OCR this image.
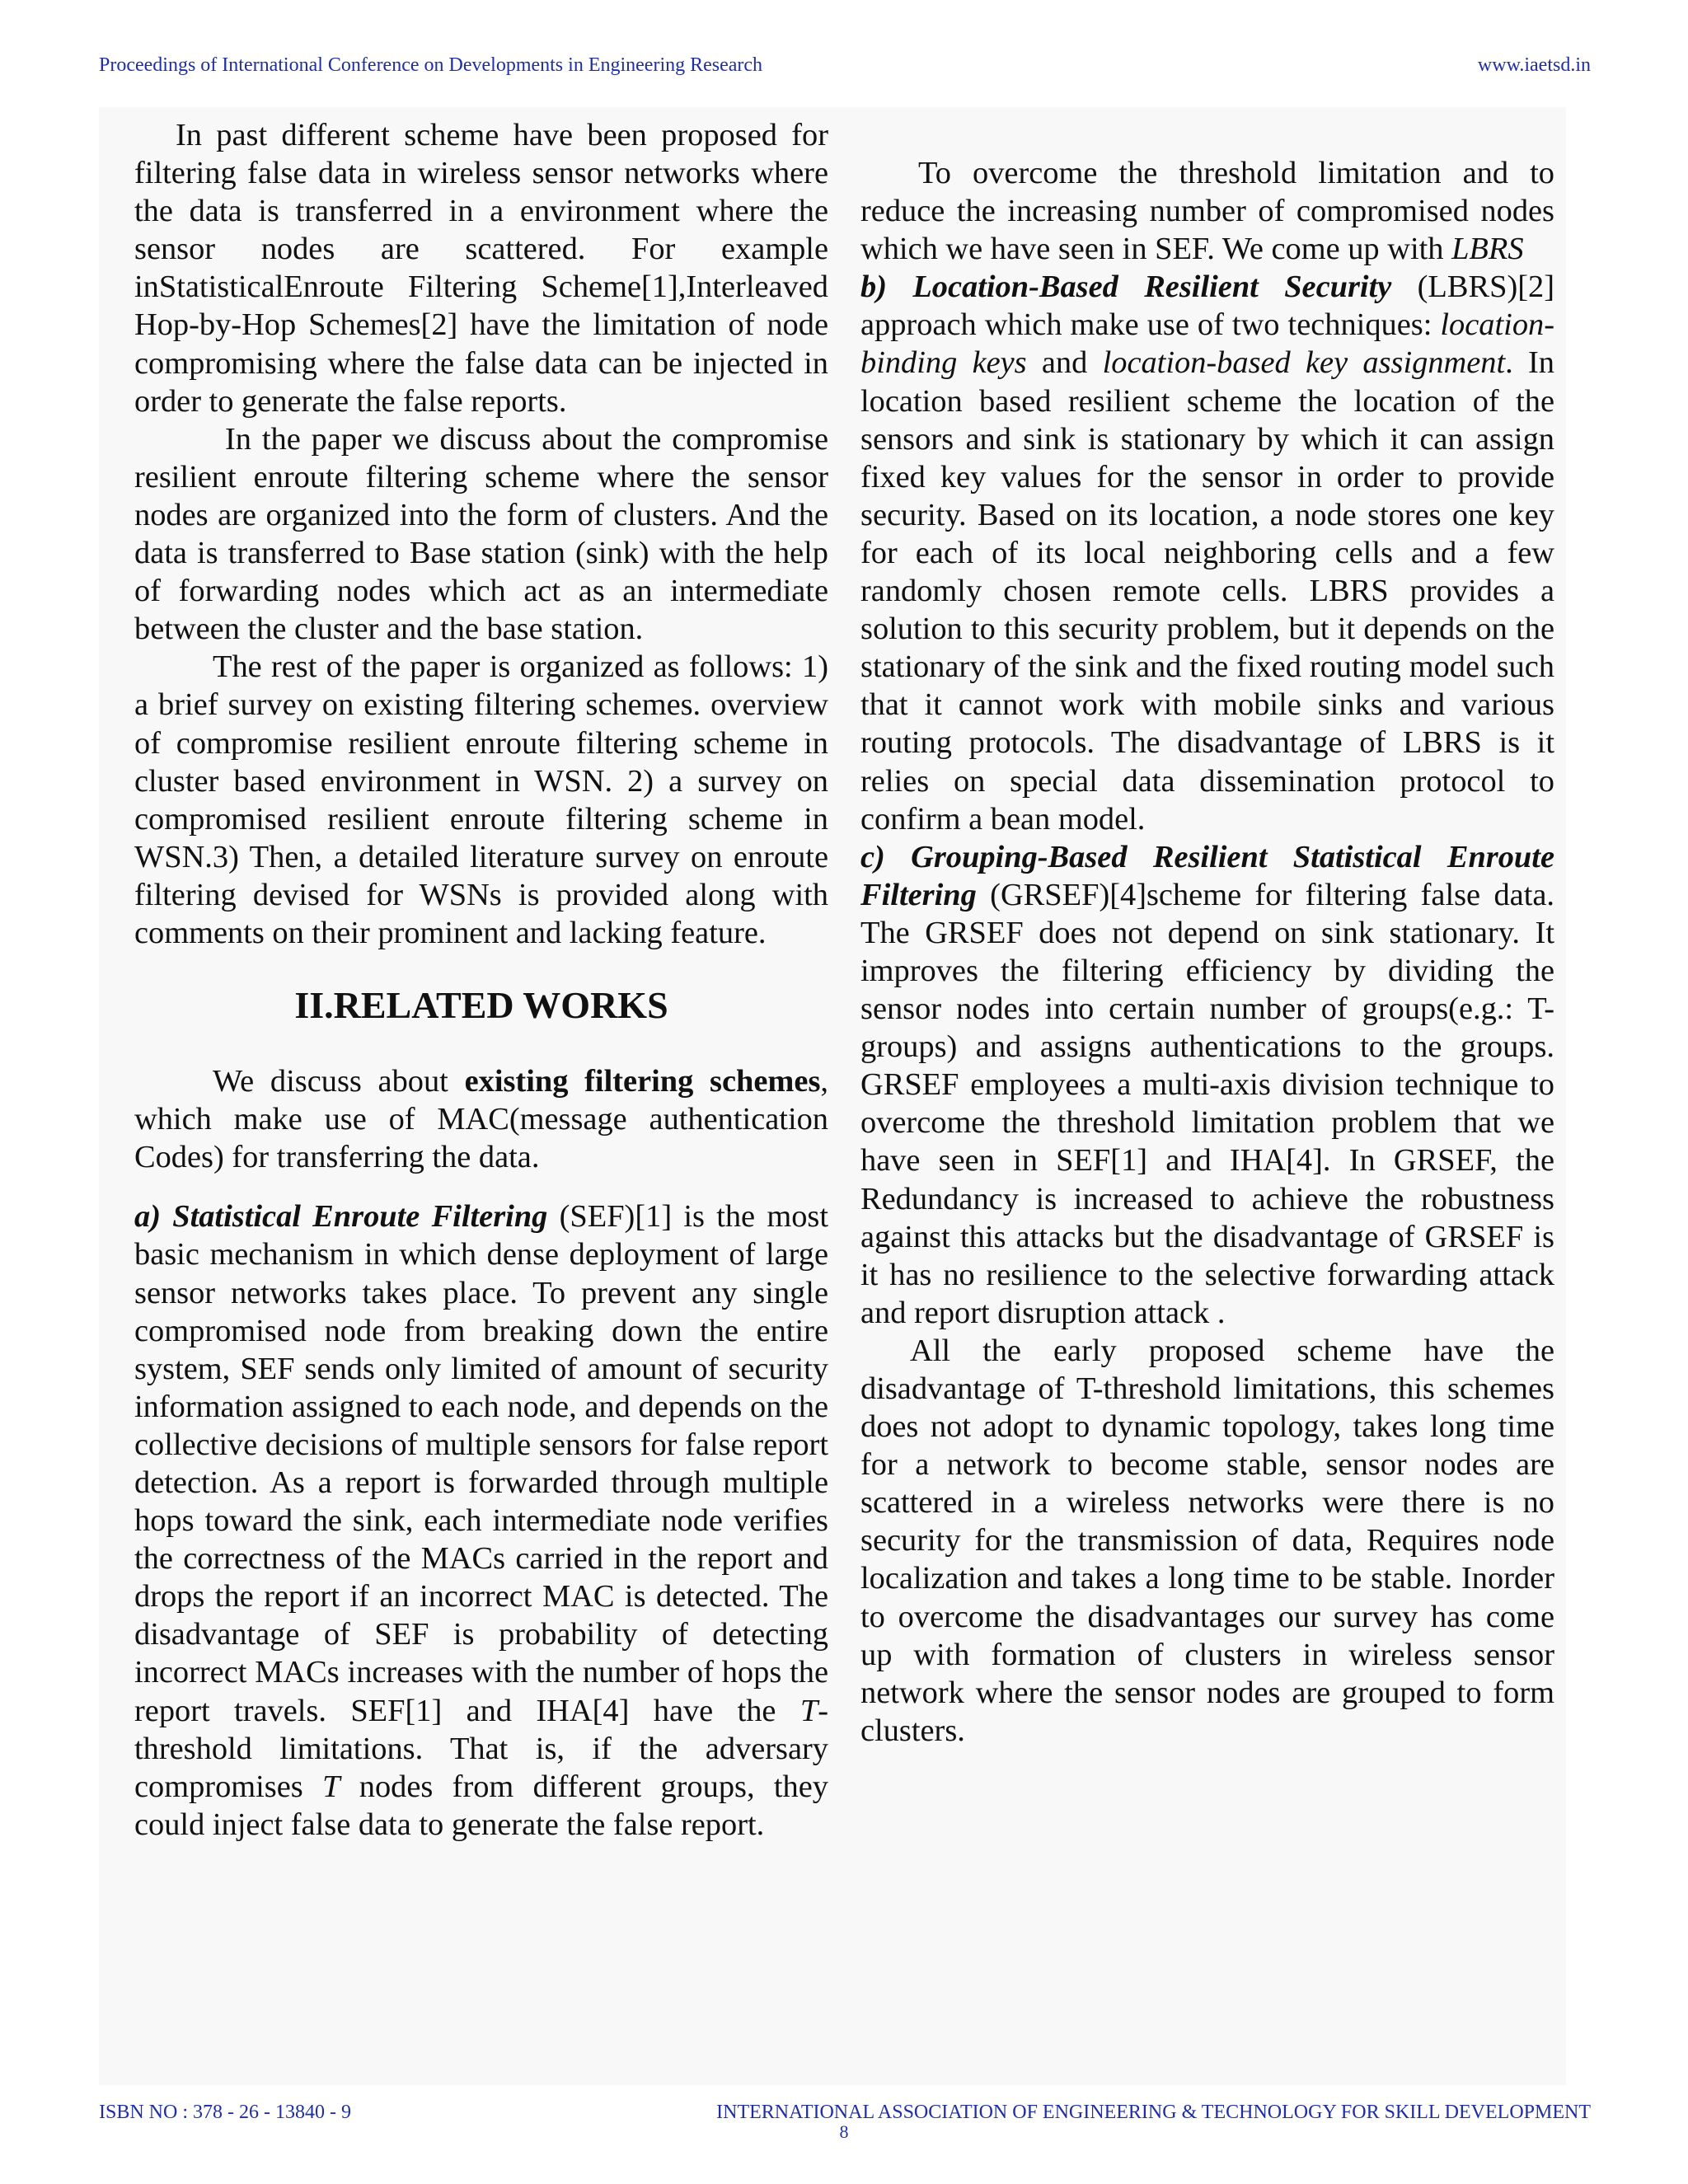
Proceedings of International Conference on Developments in Engineering Research	www.iaetsd.in

In past different scheme have been proposed for filtering false data in wireless sensor networks where the data is transferred in a environment where the sensor nodes are scattered. For example inStatisticalEnroute Filtering Scheme[1],Interleaved Hop-by-Hop Schemes[2] have the limitation of node compromising where the false data can be injected in order to generate the false reports.

In the paper we discuss about the compromise resilient enroute filtering scheme where the sensor nodes are organized into the form of clusters. And the data is transferred to Base station (sink) with the help of forwarding nodes which act as an intermediate between the cluster and the base station.

The rest of the paper is organized as follows: 1) a brief survey on existing filtering schemes. overview of compromise resilient enroute filtering scheme in cluster based environment in WSN. 2) a survey on compromised resilient enroute filtering scheme in WSN.3) Then, a detailed literature survey on enroute filtering devised for WSNs is provided along with comments on their prominent and lacking feature.

II.RELATED WORKS

We discuss about existing filtering schemes, which make use of MAC(message authentication Codes) for transferring the data.

a) Statistical Enroute Filtering (SEF)[1] is the most basic mechanism in which dense deployment of large sensor networks takes place. To prevent any single compromised node from breaking down the entire system, SEF sends only limited of amount of security information assigned to each node, and depends on the collective decisions of multiple sensors for false report detection. As a report is forwarded through multiple hops toward the sink, each intermediate node verifies the correctness of the MACs carried in the report and drops the report if an incorrect MAC is detected. The disadvantage of SEF is probability of detecting incorrect MACs increases with the number of hops the report travels. SEF[1] and IHA[4] have the T-threshold limitations. That is, if the adversary compromises T nodes from different groups, they could inject false data to generate the false report.

To overcome the threshold limitation and to reduce the increasing number of compromised nodes which we have seen in SEF. We come up with LBRS

b) Location-Based Resilient Security (LBRS)[2] approach which make use of two techniques: location-binding keys and location-based key assignment. In location based resilient scheme the location of the sensors and sink is stationary by which it can assign fixed key values for the sensor in order to provide security. Based on its location, a node stores one key for each of its local neighboring cells and a few randomly chosen remote cells. LBRS provides a solution to this security problem, but it depends on the stationary of the sink and the fixed routing model such that it cannot work with mobile sinks and various routing protocols. The disadvantage of LBRS is it relies on special data dissemination protocol to confirm a bean model.

c) Grouping-Based Resilient Statistical Enroute Filtering (GRSEF)[4]scheme for filtering false data. The GRSEF does not depend on sink stationary. It improves the filtering efficiency by dividing the sensor nodes into certain number of groups(e.g.: T-groups) and assigns authentications to the groups. GRSEF employees a multi-axis division technique to overcome the threshold limitation problem that we have seen in SEF[1] and IHA[4]. In GRSEF, the Redundancy is increased to achieve the robustness against this attacks but the disadvantage of GRSEF is it has no resilience to the selective forwarding attack and report disruption attack .

All the early proposed scheme have the disadvantage of T-threshold limitations, this schemes does not adopt to dynamic topology, takes long time for a network to become stable, sensor nodes are scattered in a wireless networks were there is no security for the transmission of data, Requires node localization and takes a long time to be stable. Inorder to overcome the disadvantages our survey has come up with formation of clusters in wireless sensor network where the sensor nodes are grouped to form clusters.

ISBN NO : 378 - 26 - 13840 - 9	INTERNATIONAL ASSOCIATION OF ENGINEERING & TECHNOLOGY FOR SKILL DEVELOPMENT
8
